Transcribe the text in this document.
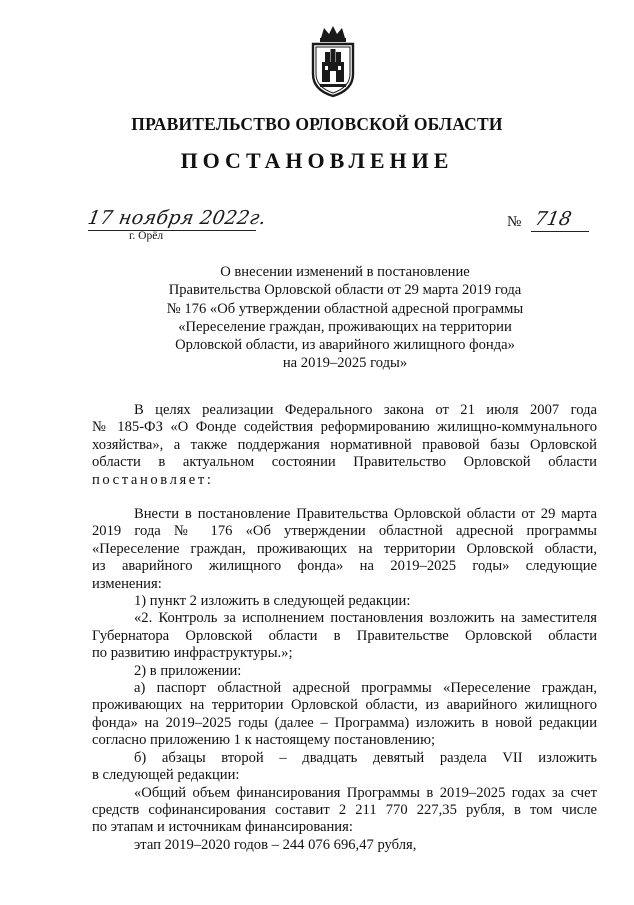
ПРАВИТЕЛЬСТВО ОРЛОВСКОЙ ОБЛАСТИ
ПОСТАНОВЛЕНИЕ
17 ноября 2022г.
г. Орёл
№ 718
О внесении изменений в постановление
Правительства Орловской области от 29 марта 2019 года
№ 176 «Об утверждении областной адресной программы
«Переселение граждан, проживающих на территории
Орловской области, из аварийного жилищного фонда»
на 2019–2025 годы»
В целях реализации Федерального закона от 21 июля 2007 года
№ 185-ФЗ «О Фонде содействия реформированию жилищно-коммунального
хозяйства», а также поддержания нормативной правовой базы Орловской
области в актуальном состоянии Правительство Орловской области
постановляет:
Внести в постановление Правительства Орловской области от 29 марта
2019 года № 176 «Об утверждении областной адресной программы
«Переселение граждан, проживающих на территории Орловской области,
из аварийного жилищного фонда» на 2019–2025 годы» следующие
изменения:
1) пункт 2 изложить в следующей редакции:
«2. Контроль за исполнением постановления возложить на заместителя
Губернатора Орловской области в Правительстве Орловской области
по развитию инфраструктуры.»;
2) в приложении:
а) паспорт областной адресной программы «Переселение граждан,
проживающих на территории Орловской области, из аварийного жилищного
фонда» на 2019–2025 годы (далее – Программа) изложить в новой редакции
согласно приложению 1 к настоящему постановлению;
б) абзацы второй – двадцать девятый раздела VII изложить
в следующей редакции:
«Общий объем финансирования Программы в 2019–2025 годах за счет
средств софинансирования составит 2 211 770 227,35 рубля, в том числе
по этапам и источникам финансирования:
этап 2019–2020 годов – 244 076 696,47 рубля,
